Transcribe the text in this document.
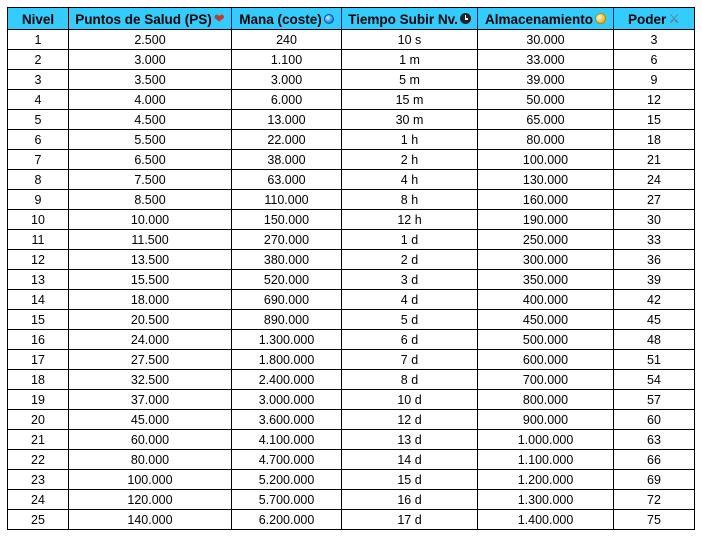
Nivel	Puntos de Salud (PS) ❤	Mana (coste)	Tiempo Subir Nv.	Almacenamiento	Poder ⚔
1	2.500	240	10 s	30.000	3
2	3.000	1.100	1 m	33.000	6
3	3.500	3.000	5 m	39.000	9
4	4.000	6.000	15 m	50.000	12
5	4.500	13.000	30 m	65.000	15
6	5.500	22.000	1 h	80.000	18
7	6.500	38.000	2 h	100.000	21
8	7.500	63.000	4 h	130.000	24
9	8.500	110.000	8 h	160.000	27
10	10.000	150.000	12 h	190.000	30
11	11.500	270.000	1 d	250.000	33
12	13.500	380.000	2 d	300.000	36
13	15.500	520.000	3 d	350.000	39
14	18.000	690.000	4 d	400.000	42
15	20.500	890.000	5 d	450.000	45
16	24.000	1.300.000	6 d	500.000	48
17	27.500	1.800.000	7 d	600.000	51
18	32.500	2.400.000	8 d	700.000	54
19	37.000	3.000.000	10 d	800.000	57
20	45.000	3.600.000	12 d	900.000	60
21	60.000	4.100.000	13 d	1.000.000	63
22	80.000	4.700.000	14 d	1.100.000	66
23	100.000	5.200.000	15 d	1.200.000	69
24	120.000	5.700.000	16 d	1.300.000	72
25	140.000	6.200.000	17 d	1.400.000	75
